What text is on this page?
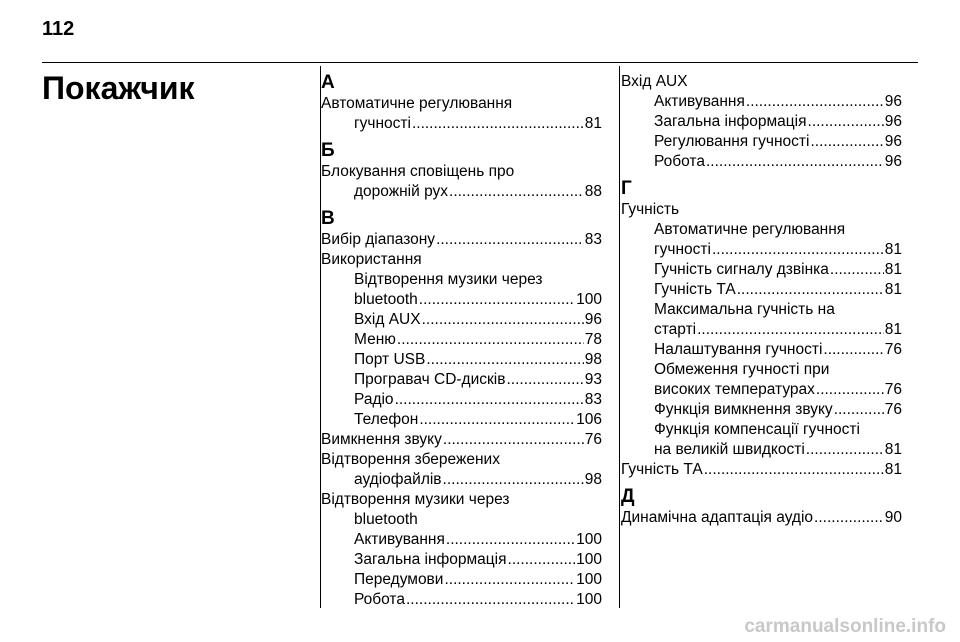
112
Покажчик	А
Автоматичне регулювання
гучності .....	81
Б
Блокування сповіщень про
дорожній рух .....	88
В
Вибір діапазону .....	83
Використання
Відтворення музики через
bluetooth .....	100
Вхід AUX .....	96
Меню .....	78
Порт USB .....	98
Програвач CD-дисків .....	93
Радіо .....	83
Телефон .....	106
Вимкнення звуку .....	76
Відтворення збережених
аудіофайлів .....	98
Відтворення музики через
bluetooth
Активування .....	100
Загальна інформація .....	100
Передумови .....	100
Робота .....	100
Вхід AUX
Активування .....	96
Загальна інформація .....	96
Регулювання гучності .....	96
Робота .....	96
Г
Гучність
Автоматичне регулювання
гучності .....	81
Гучність сигналу дзвінка .....	81
Гучність ТА .....	81
Максимальна гучність на
старті .....	81
Налаштування гучності .....	76
Обмеження гучності при
високих температурах .....	76
Функція вимкнення звуку .....	76
Функція компенсації гучності
на великій швидкості .....	81
Гучність ТА .....	81
Д
Динамічна адаптація аудіо .....	90
carmanualsonline.info
